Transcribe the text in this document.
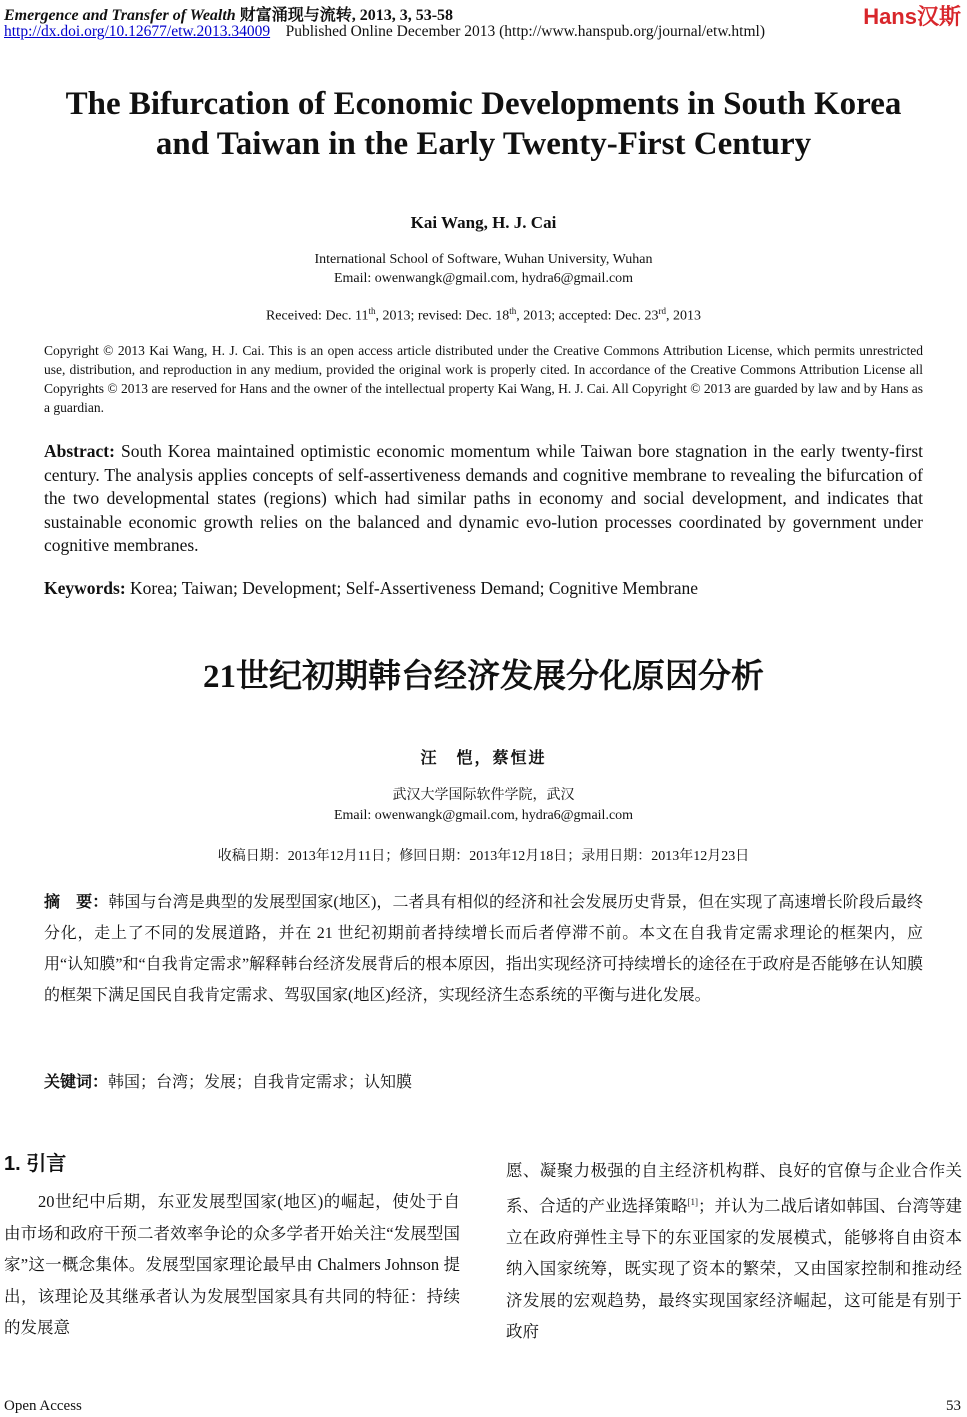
Emergence and Transfer of Wealth 财富涌现与流转, 2013, 3, 53-58
http://dx.doi.org/10.12677/etw.2013.34009 Published Online December 2013 (http://www.hanspub.org/journal/etw.html)
Hans汉斯
The Bifurcation of Economic Developments in South Korea and Taiwan in the Early Twenty-First Century
Kai Wang, H. J. Cai
International School of Software, Wuhan University, Wuhan
Email: owenwangk@gmail.com, hydra6@gmail.com
Received: Dec. 11th, 2013; revised: Dec. 18th, 2013; accepted: Dec. 23rd, 2013
Copyright © 2013 Kai Wang, H. J. Cai. This is an open access article distributed under the Creative Commons Attribution License, which permits unrestricted use, distribution, and reproduction in any medium, provided the original work is properly cited. In accordance of the Creative Commons Attribution License all Copyrights © 2013 are reserved for Hans and the owner of the intellectual property Kai Wang, H. J. Cai. All Copyright © 2013 are guarded by law and by Hans as a guardian.
Abstract: South Korea maintained optimistic economic momentum while Taiwan bore stagnation in the early twenty-first century. The analysis applies concepts of self-assertiveness demands and cognitive membrane to revealing the bifurcation of the two developmental states (regions) which had similar paths in economy and social development, and indicates that sustainable economic growth relies on the balanced and dynamic evo-lution processes coordinated by government under cognitive membranes.
Keywords: Korea; Taiwan; Development; Self-Assertiveness Demand; Cognitive Membrane
21世纪初期韩台经济发展分化原因分析
汪　恺，蔡恒进
武汉大学国际软件学院，武汉
Email: owenwangk@gmail.com, hydra6@gmail.com
收稿日期：2013年12月11日；修回日期：2013年12月18日；录用日期：2013年12月23日
摘　要：韩国与台湾是典型的发展型国家(地区)，二者具有相似的经济和社会发展历史背景，但在实现了高速增长阶段后最终分化，走上了不同的发展道路，并在 21 世纪初期前者持续增长而后者停滞不前。本文在自我肯定需求理论的框架内，应用“认知膜”和“自我肯定需求”解释韩台经济发展背后的根本原因，指出实现经济可持续增长的途径在于政府是否能够在认知膜的框架下满足国民自我肯定需求、驾驭国家(地区)经济，实现经济生态系统的平衡与进化发展。
关键词：韩国；台湾；发展；自我肯定需求；认知膜
1. 引言

20世纪中后期，东亚发展型国家(地区)的崛起，使处于自由市场和政府干预二者效率争论的众多学者开始关注“发展型国家”这一概念集体。发展型国家理论最早由 Chalmers Johnson 提出，该理论及其继承者认为发展型国家具有共同的特征：持续的发展意

愿、凝聚力极强的自主经济机构群、良好的官僚与企业合作关系、合适的产业选择策略[1]；并认为二战后诸如韩国、台湾等建立在政府弹性主导下的东亚国家的发展模式，能够将自由资本纳入国家统筹，既实现了资本的繁荣，又由国家控制和推动经济发展的宏观趋势，最终实现国家经济崛起，这可能是有别于政府
Open Access	53
